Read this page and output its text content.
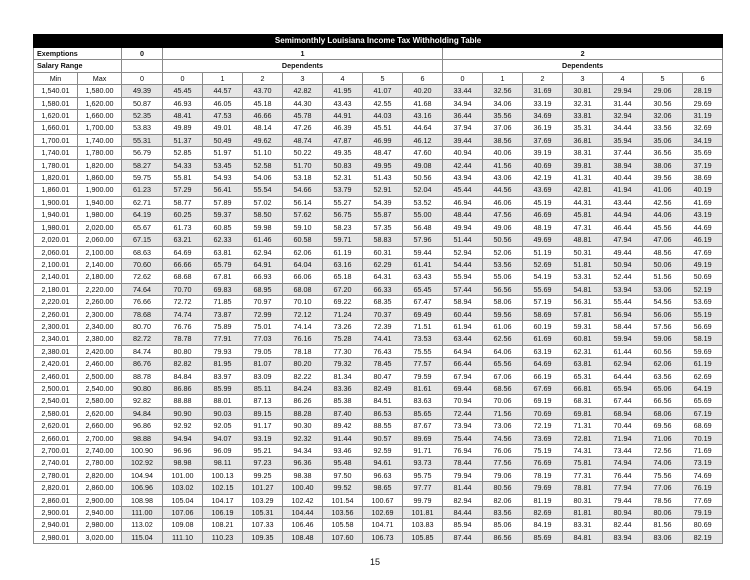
Semimonthly Louisiana Income Tax Withholding Table																
Exemptions		0	1							2						
Salary Range			Dependents							Dependents						
Min	Max	0	0	1	2	3	4	5	6	0	1	2	3	4	5	6
1,540.01	1,580.00	49.39	45.45	44.57	43.70	42.82	41.95	41.07	40.20	33.44	32.56	31.69	30.81	29.94	29.06	28.19
1,580.01	1,620.00	50.87	46.93	46.05	45.18	44.30	43.43	42.55	41.68	34.94	34.06	33.19	32.31	31.44	30.56	29.69
1,620.01	1,660.00	52.35	48.41	47.53	46.66	45.78	44.91	44.03	43.16	36.44	35.56	34.69	33.81	32.94	32.06	31.19
1,660.01	1,700.00	53.83	49.89	49.01	48.14	47.26	46.39	45.51	44.64	37.94	37.06	36.19	35.31	34.44	33.56	32.69
1,700.01	1,740.00	55.31	51.37	50.49	49.62	48.74	47.87	46.99	46.12	39.44	38.56	37.69	36.81	35.94	35.06	34.19
1,740.01	1,780.00	56.79	52.85	51.97	51.10	50.22	49.35	48.47	47.60	40.94	40.06	39.19	38.31	37.44	36.56	35.69
1,780.01	1,820.00	58.27	54.33	53.45	52.58	51.70	50.83	49.95	49.08	42.44	41.56	40.69	39.81	38.94	38.06	37.19
1,820.01	1,860.00	59.75	55.81	54.93	54.06	53.18	52.31	51.43	50.56	43.94	43.06	42.19	41.31	40.44	39.56	38.69
1,860.01	1,900.00	61.23	57.29	56.41	55.54	54.66	53.79	52.91	52.04	45.44	44.56	43.69	42.81	41.94	41.06	40.19
1,900.01	1,940.00	62.71	58.77	57.89	57.02	56.14	55.27	54.39	53.52	46.94	46.06	45.19	44.31	43.44	42.56	41.69
1,940.01	1,980.00	64.19	60.25	59.37	58.50	57.62	56.75	55.87	55.00	48.44	47.56	46.69	45.81	44.94	44.06	43.19
1,980.01	2,020.00	65.67	61.73	60.85	59.98	59.10	58.23	57.35	56.48	49.94	49.06	48.19	47.31	46.44	45.56	44.69
2,020.01	2,060.00	67.15	63.21	62.33	61.46	60.58	59.71	58.83	57.96	51.44	50.56	49.69	48.81	47.94	47.06	46.19
2,060.01	2,100.00	68.63	64.69	63.81	62.94	62.06	61.19	60.31	59.44	52.94	52.06	51.19	50.31	49.44	48.56	47.69
2,100.01	2,140.00	70.60	66.66	65.79	64.91	64.04	63.16	62.29	61.41	54.44	53.56	52.69	51.81	50.94	50.06	49.19
2,140.01	2,180.00	72.62	68.68	67.81	66.93	66.06	65.18	64.31	63.43	55.94	55.06	54.19	53.31	52.44	51.56	50.69
2,180.01	2,220.00	74.64	70.70	69.83	68.95	68.08	67.20	66.33	65.45	57.44	56.56	55.69	54.81	53.94	53.06	52.19
2,220.01	2,260.00	76.66	72.72	71.85	70.97	70.10	69.22	68.35	67.47	58.94	58.06	57.19	56.31	55.44	54.56	53.69
2,260.01	2,300.00	78.68	74.74	73.87	72.99	72.12	71.24	70.37	69.49	60.44	59.56	58.69	57.81	56.94	56.06	55.19
2,300.01	2,340.00	80.70	76.76	75.89	75.01	74.14	73.26	72.39	71.51	61.94	61.06	60.19	59.31	58.44	57.56	56.69
2,340.01	2,380.00	82.72	78.78	77.91	77.03	76.16	75.28	74.41	73.53	63.44	62.56	61.69	60.81	59.94	59.06	58.19
2,380.01	2,420.00	84.74	80.80	79.93	79.05	78.18	77.30	76.43	75.55	64.94	64.06	63.19	62.31	61.44	60.56	59.69
2,420.01	2,460.00	86.76	82.82	81.95	81.07	80.20	79.32	78.45	77.57	66.44	65.56	64.69	63.81	62.94	62.06	61.19
2,460.01	2,500.00	88.78	84.84	83.97	83.09	82.22	81.34	80.47	79.59	67.94	67.06	66.19	65.31	64.44	63.56	62.69
2,500.01	2,540.00	90.80	86.86	85.99	85.11	84.24	83.36	82.49	81.61	69.44	68.56	67.69	66.81	65.94	65.06	64.19
2,540.01	2,580.00	92.82	88.88	88.01	87.13	86.26	85.38	84.51	83.63	70.94	70.06	69.19	68.31	67.44	66.56	65.69
2,580.01	2,620.00	94.84	90.90	90.03	89.15	88.28	87.40	86.53	85.65	72.44	71.56	70.69	69.81	68.94	68.06	67.19
2,620.01	2,660.00	96.86	92.92	92.05	91.17	90.30	89.42	88.55	87.67	73.94	73.06	72.19	71.31	70.44	69.56	68.69
2,660.01	2,700.00	98.88	94.94	94.07	93.19	92.32	91.44	90.57	89.69	75.44	74.56	73.69	72.81	71.94	71.06	70.19
2,700.01	2,740.00	100.90	96.96	96.09	95.21	94.34	93.46	92.59	91.71	76.94	76.06	75.19	74.31	73.44	72.56	71.69
2,740.01	2,780.00	102.92	98.98	98.11	97.23	96.36	95.48	94.61	93.73	78.44	77.56	76.69	75.81	74.94	74.06	73.19
2,780.01	2,820.00	104.94	101.00	100.13	99.25	98.38	97.50	96.63	95.75	79.94	79.06	78.19	77.31	76.44	75.56	74.69
2,820.01	2,860.00	106.96	103.02	102.15	101.27	100.40	99.52	98.65	97.77	81.44	80.56	79.69	78.81	77.94	77.06	76.19
2,860.01	2,900.00	108.98	105.04	104.17	103.29	102.42	101.54	100.67	99.79	82.94	82.06	81.19	80.31	79.44	78.56	77.69
2,900.01	2,940.00	111.00	107.06	106.19	105.31	104.44	103.56	102.69	101.81	84.44	83.56	82.69	81.81	80.94	80.06	79.19
2,940.01	2,980.00	113.02	109.08	108.21	107.33	106.46	105.58	104.71	103.83	85.94	85.06	84.19	83.31	82.44	81.56	80.69
2,980.01	3,020.00	115.04	111.10	110.23	109.35	108.48	107.60	106.73	105.85	87.44	86.56	85.69	84.81	83.94	83.06	82.19
15
